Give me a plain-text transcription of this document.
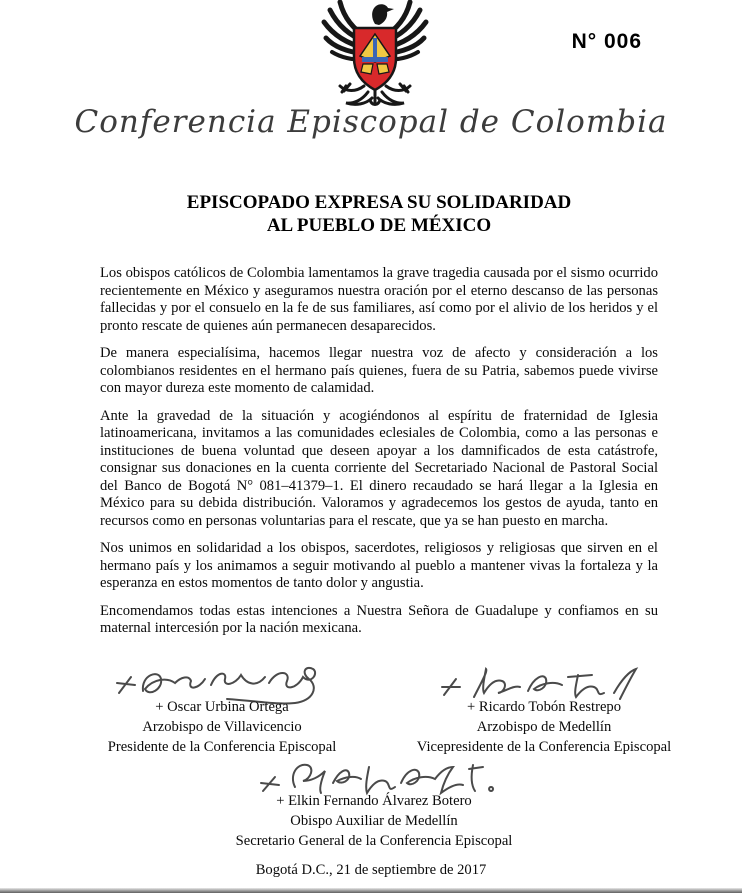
N° 006
Conferencia Episcopal de Colombia
EPISCOPADO EXPRESA SU SOLIDARIDAD
AL PUEBLO DE MÉXICO

Los obispos católicos de Colombia lamentamos la grave tragedia causada por el sismo ocurrido recientemente en México y aseguramos nuestra oración por el eterno descanso de las personas fallecidas y por el consuelo en la fe de sus familiares, así como por el alivio de los heridos y el pronto rescate de quienes aún permanecen desaparecidos.

De manera especialísima, hacemos llegar nuestra voz de afecto y consideración a los colombianos residentes en el hermano país quienes, fuera de su Patria, sabemos puede vivirse con mayor dureza este momento de calamidad.

Ante la gravedad de la situación y acogiéndonos al espíritu de fraternidad de Iglesia latinoamericana, invitamos a las comunidades eclesiales de Colombia, como a las personas e instituciones de buena voluntad que deseen apoyar a los damnificados de esta catástrofe, consignar sus donaciones en la cuenta corriente del Secretariado Nacional de Pastoral Social del Banco de Bogotá N° 081–41379–1. El dinero recaudado se hará llegar a la Iglesia en México para su debida distribución. Valoramos y agradecemos los gestos de ayuda, tanto en recursos como en personas voluntarias para el rescate, que ya se han puesto en marcha.

Nos unimos en solidaridad a los obispos, sacerdotes, religiosos y religiosas que sirven en el hermano país y los animamos a seguir motivando al pueblo a mantener vivas la fortaleza y la esperanza en estos momentos de tanto dolor y angustia.

Encomendamos todas estas intenciones a Nuestra Señora de Guadalupe y confiamos en su maternal intercesión por la nación mexicana.

+ Oscar Urbina Ortega
Arzobispo de Villavicencio
Presidente de la Conferencia Episcopal
+ Ricardo Tobón Restrepo
Arzobispo de Medellín
Vicepresidente de la Conferencia Episcopal
+ Elkin Fernando Álvarez Botero
Obispo Auxiliar de Medellín
Secretario General de la Conferencia Episcopal
Bogotá D.C., 21 de septiembre de 2017
